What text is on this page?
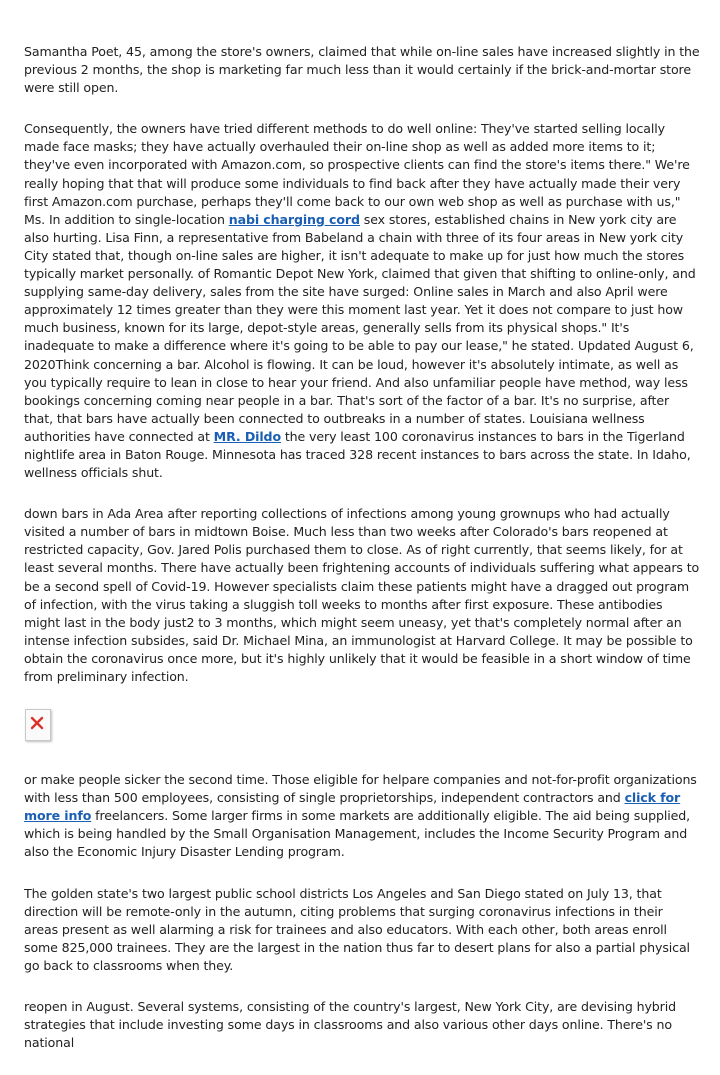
Samantha Poet, 45, among the store's owners, claimed that while on-line sales have increased slightly in the previous 2 months, the shop is marketing far much less than it would certainly if the brick-and-mortar store were still open.

Consequently, the owners have tried different methods to do well online: They've started selling locally made face masks; they have actually overhauled their on-line shop as well as added more items to it; they've even incorporated with Amazon.com, so prospective clients can find the store's items there." We're really hoping that that will produce some individuals to find back after they have actually made their very first Amazon.com purchase, perhaps they'll come back to our own web shop as well as purchase with us," Ms. In addition to single-location nabi charging cord sex stores, established chains in New york city are also hurting. Lisa Finn, a representative from Babeland a chain with three of its four areas in New york city City stated that, though on-line sales are higher, it isn't adequate to make up for just how much the stores typically market personally. of Romantic Depot New York, claimed that given that shifting to online-only, and supplying same-day delivery, sales from the site have surged: Online sales in March and also April were approximately 12 times greater than they were this moment last year. Yet it does not compare to just how much business, known for its large, depot-style areas, generally sells from its physical shops." It's inadequate to make a difference where it's going to be able to pay our lease," he stated. Updated August 6, 2020Think concerning a bar. Alcohol is flowing. It can be loud, however it's absolutely intimate, as well as you typically require to lean in close to hear your friend. And also unfamiliar people have method, way less bookings concerning coming near people in a bar. That's sort of the factor of a bar. It's no surprise, after that, that bars have actually been connected to outbreaks in a number of states. Louisiana wellness authorities have connected at MR. Dildo the very least 100 coronavirus instances to bars in the Tigerland nightlife area in Baton Rouge. Minnesota has traced 328 recent instances to bars across the state. In Idaho, wellness officials shut.

down bars in Ada Area after reporting collections of infections among young grownups who had actually visited a number of bars in midtown Boise. Much less than two weeks after Colorado's bars reopened at restricted capacity, Gov. Jared Polis purchased them to close. As of right currently, that seems likely, for at least several months. There have actually been frightening accounts of individuals suffering what appears to be a second spell of Covid-19. However specialists claim these patients might have a dragged out program of infection, with the virus taking a sluggish toll weeks to months after first exposure. These antibodies might last in the body just2 to 3 months, which might seem uneasy, yet that's completely normal after an intense infection subsides, said Dr. Michael Mina, an immunologist at Harvard College. It may be possible to obtain the coronavirus once more, but it's highly unlikely that it would be feasible in a short window of time from preliminary infection.

or make people sicker the second time. Those eligible for helpare companies and not-for-profit organizations with less than 500 employees, consisting of single proprietorships, independent contractors and click for more info freelancers. Some larger firms in some markets are additionally eligible. The aid being supplied, which is being handled by the Small Organisation Management, includes the Income Security Program and also the Economic Injury Disaster Lending program.

The golden state's two largest public school districts Los Angeles and San Diego stated on July 13, that direction will be remote-only in the autumn, citing problems that surging coronavirus infections in their areas present as well alarming a risk for trainees and also educators. With each other, both areas enroll some 825,000 trainees. They are the largest in the nation thus far to desert plans for also a partial physical go back to classrooms when they.

reopen in August. Several systems, consisting of the country's largest, New York City, are devising hybrid strategies that include investing some days in classrooms and also various other days online. There's no national
